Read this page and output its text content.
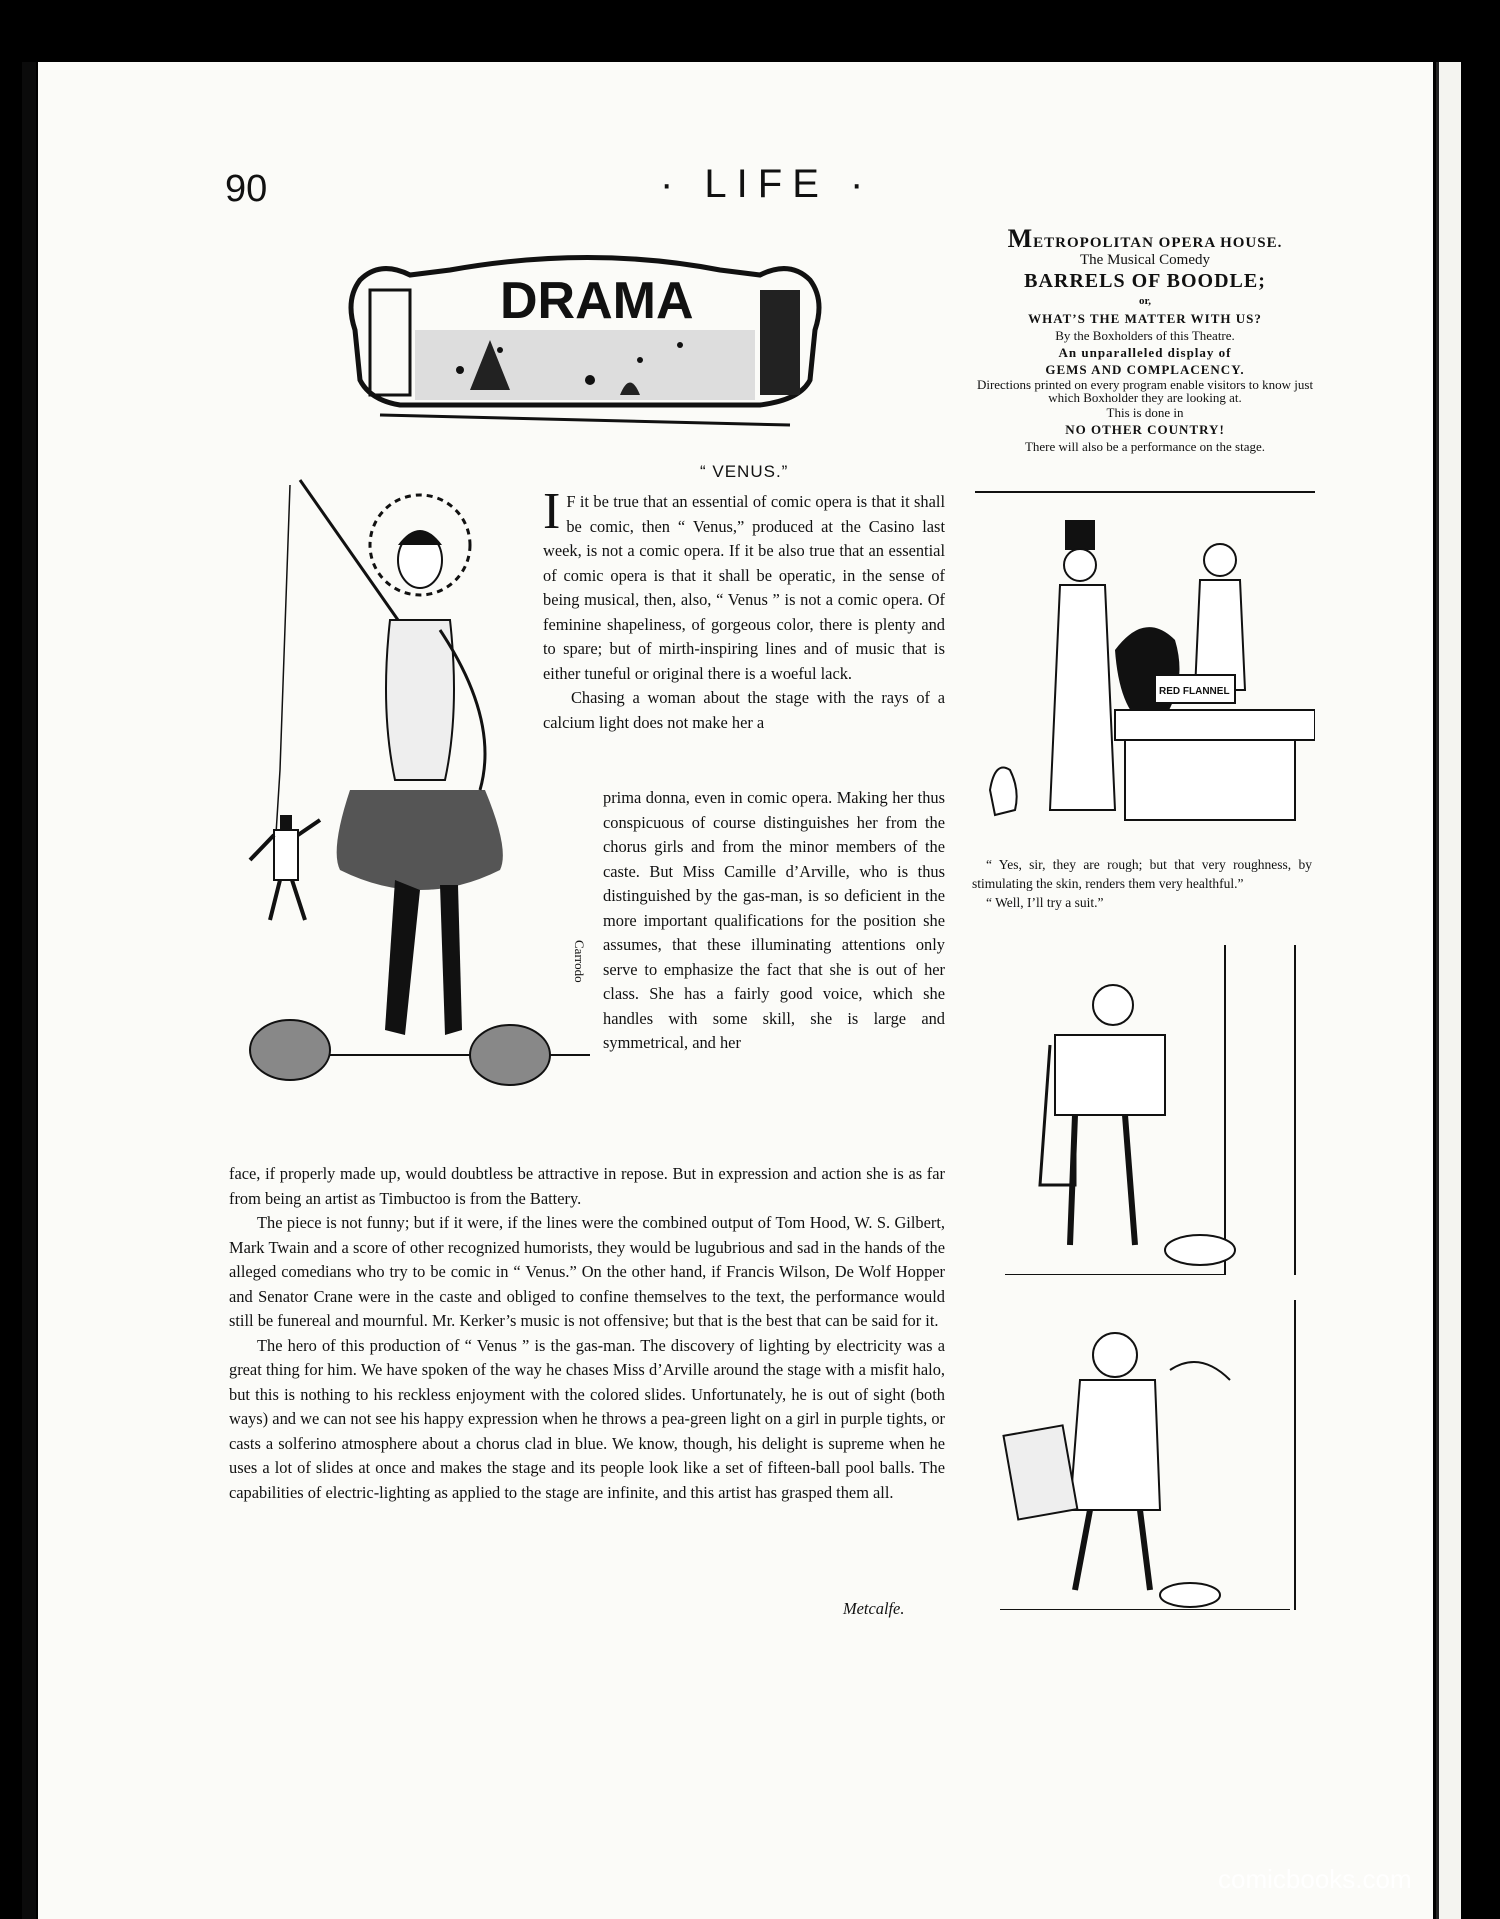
90	· LIFE ·
DRAMA
Carrodo
“ VENUS.”

I F it be true that an essential of comic opera is that it shall be comic, then “ Venus,” produced at the Casino last week, is not a comic opera. If it be also true that an essential of comic opera is that it shall be operatic, in the sense of being musical, then, also, “ Venus ” is not a comic opera. Of feminine shapeliness, of gorgeous color, there is plenty and to spare; but of mirth-inspiring lines and of music that is either tuneful or original there is a woeful lack.

Chasing a woman about the stage with the rays of a calcium light does not make her a

prima donna, even in comic opera. Making her thus conspicuous of course distinguishes her from the chorus girls and from the minor members of the caste. But Miss Camille d’Arville, who is thus distinguished by the gas-man, is so deficient in the more important qualifications for the position she assumes, that these illuminating attentions only serve to emphasize the fact that she is out of her class. She has a fairly good voice, which she handles with some skill, she is large and symmetrical, and her

face, if properly made up, would doubtless be attractive in repose. But in expression and action she is as far from being an artist as Timbuctoo is from the Battery.

The piece is not funny; but if it were, if the lines were the combined output of Tom Hood, W. S. Gilbert, Mark Twain and a score of other recognized humorists, they would be lugubrious and sad in the hands of the alleged comedians who try to be comic in “ Venus.” On the other hand, if Francis Wilson, De Wolf Hopper and Senator Crane were in the caste and obliged to confine themselves to the text, the performance would still be funereal and mournful. Mr. Kerker’s music is not offensive; but that is the best that can be said for it.

The hero of this production of “ Venus ” is the gas-man. The discovery of lighting by electricity was a great thing for him. We have spoken of the way he chases Miss d’Arville around the stage with a misfit halo, but this is nothing to his reckless enjoyment with the colored slides. Unfortunately, he is out of sight (both ways) and we can not see his happy expression when he throws a pea-green light on a girl in purple tights, or casts a solferino atmosphere about a chorus clad in blue. We know, though, his delight is supreme when he uses a lot of slides at once and makes the stage and its people look like a set of fifteen-ball pool balls. The capabilities of electric-lighting as applied to the stage are infinite, and this artist has grasped them all.

Metcalfe.
METROPOLITAN OPERA HOUSE.
The Musical Comedy
BARRELS OF BOODLE;
or,
WHAT’S THE MATTER WITH US?
By the Boxholders of this Theatre.
An unparalleled display of
GEMS AND COMPLACENCY.
Directions printed on every program enable visitors to know just which Boxholder they are looking at.
This is done in
NO OTHER COUNTRY!
There will also be a performance on the stage.
RED FLANNEL

“ Yes, sir, they are rough; but that very roughness, by stimulating the skin, renders them very healthful.”

“ Well, I’ll try a suit.”

comicbooks.com
